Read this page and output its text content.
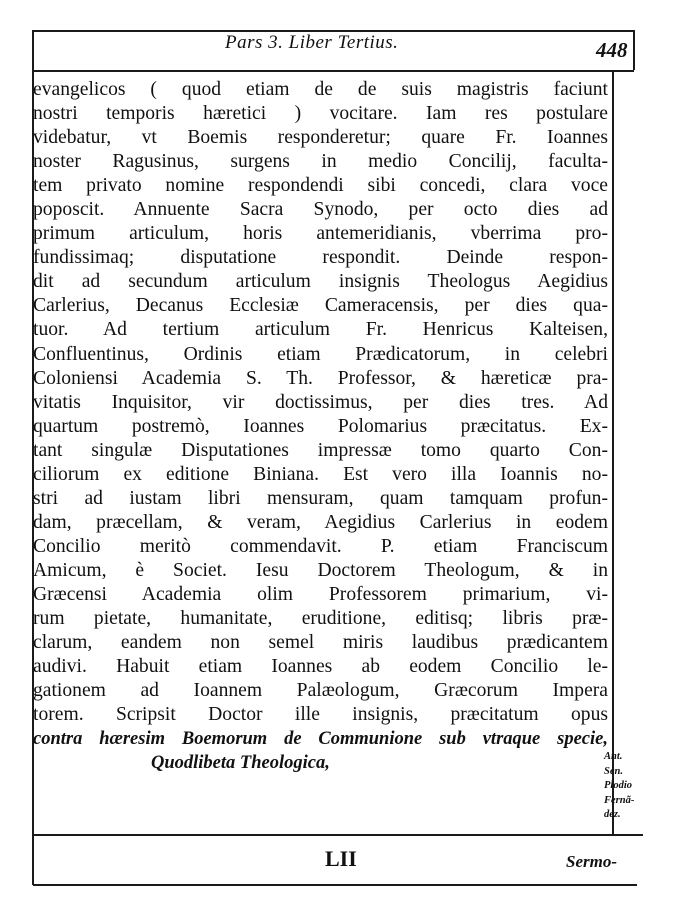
Pars 3. Liber Tertius.	448
evangelicos ( quod etiam de de suis magistris faciunt
nostri temporis hæretici ) vocitare. Iam res postulare
videbatur, vt Boemis responderetur; quare Fr. Ioannes
noster Ragusinus, surgens in medio Concilij, faculta-
tem privato nomine respondendi sibi concedi, clara voce
poposcit. Annuente Sacra Synodo, per octo dies ad
primum articulum, horis antemeridianis, vberrima pro-
fundissimaq; disputatione respondit. Deinde respon-
dit ad secundum articulum insignis Theologus Aegidius
Carlerius, Decanus Ecclesiæ Cameracensis, per dies qua-
tuor. Ad tertium articulum Fr. Henricus Kalteisen,
Confluentinus, Ordinis etiam Prædicatorum, in celebri
Coloniensi Academia S. Th. Professor, & hæreticæ pra-
vitatis Inquisitor, vir doctissimus, per dies tres. Ad
quartum postremò, Ioannes Polomarius præcitatus. Ex-
tant singulæ Disputationes impressæ tomo quarto Con-
ciliorum ex editione Biniana. Est vero illa Ioannis no-
stri ad iustam libri mensuram, quam tamquam profun-
dam, præcellam, & veram, Aegidius Carlerius in eodem
Concilio meritò commendavit. P. etiam Franciscum
Amicum, è Societ. Iesu Doctorem Theologum, & in
Græcensi Academia olim Professorem primarium, vi-
rum pietate, humanitate, eruditione, editisq; libris præ-
clarum, eandem non semel miris laudibus prædicantem
audivi. Habuit etiam Ioannes ab eodem Concilio le-
gationem ad Ioannem Palæologum, Græcorum Impera
torem. Scripsit Doctor ille insignis, præcitatum opus
contra hæresim Boemorum de Communione sub vtraque specie,
Quodlibeta Theologica,	Ant.
Sen.
Plodio
Fernã-
dez.
LII	Sermo-
